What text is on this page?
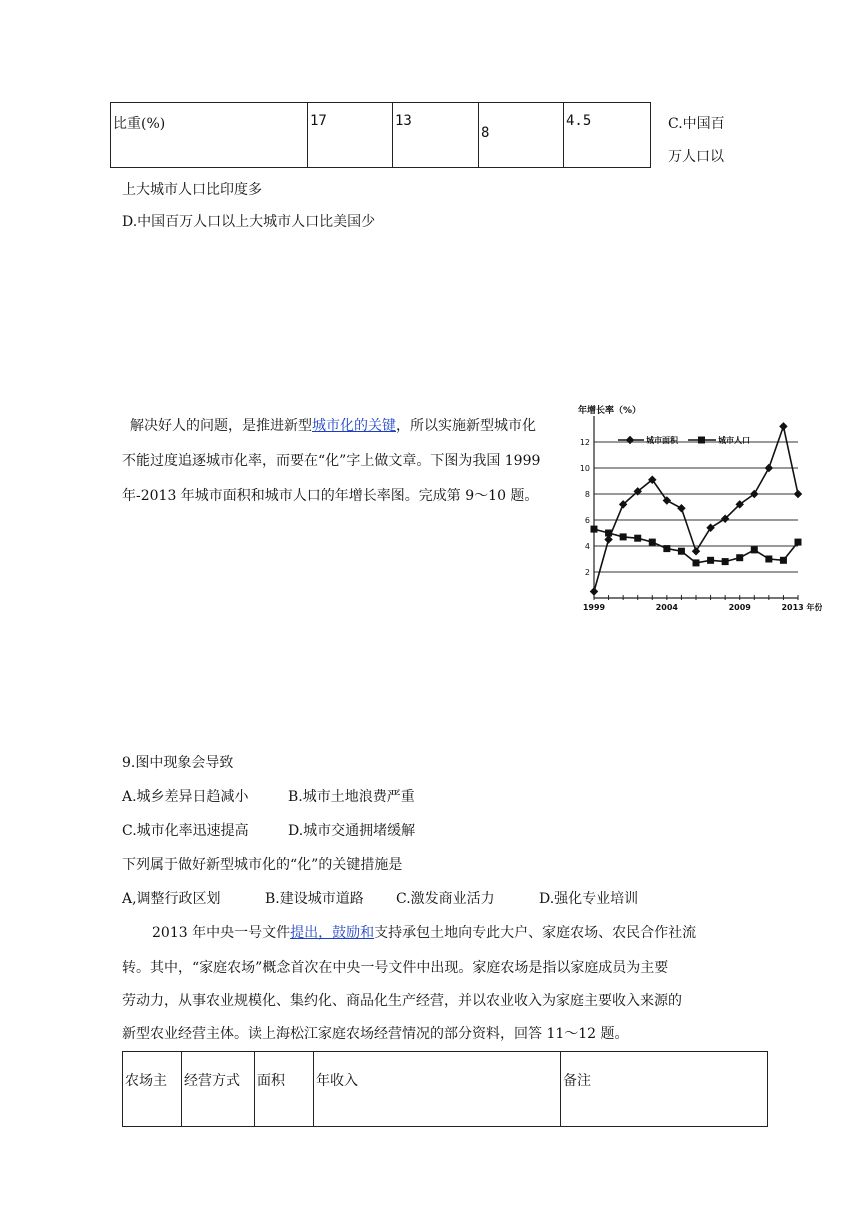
比重(%)	17	13	8	4.5	C.中国百
万人口以
上大城市人口比印度多
D.中国百万人口以上大城市人口比美国少
解决好人的问题，是推进新型城市化的关键，所以实施新型城市化
不能过度追逐城市化率，而要在“化”字上做文章。下图为我国 1999
年-2013 年城市面积和城市人口的年增长率图。完成第 9～10 题。
年增长率（%）
2
4
6
8
10
12
1999	2004	2009	2013 年份
城市面积	城市人口
9.图中现象会导致
A.城乡差异日趋减小	B.城市土地浪费严重
C.城市化率迅速提高	D.城市交通拥堵缓解
下列属于做好新型城市化的“化”的关键措施是
A,调整行政区划	B.建设城市道路 C.激发商业活力	D.强化专业培训
2013 年中央一号文件提出，鼓励和支持承包土地向专此大户、家庭农场、农民合作社流
转。其中，“家庭农场”概念首次在中央一号文件中出现。家庭农场是指以家庭成员为主要
劳动力，从事农业规模化、集约化、商品化生产经营，并以农业收入为家庭主要收入来源的
新型农业经营主体。读上海松江家庭农场经营情况的部分资料，回答 11～12 题。
农场主	经营方式	面积	年收入	备注
